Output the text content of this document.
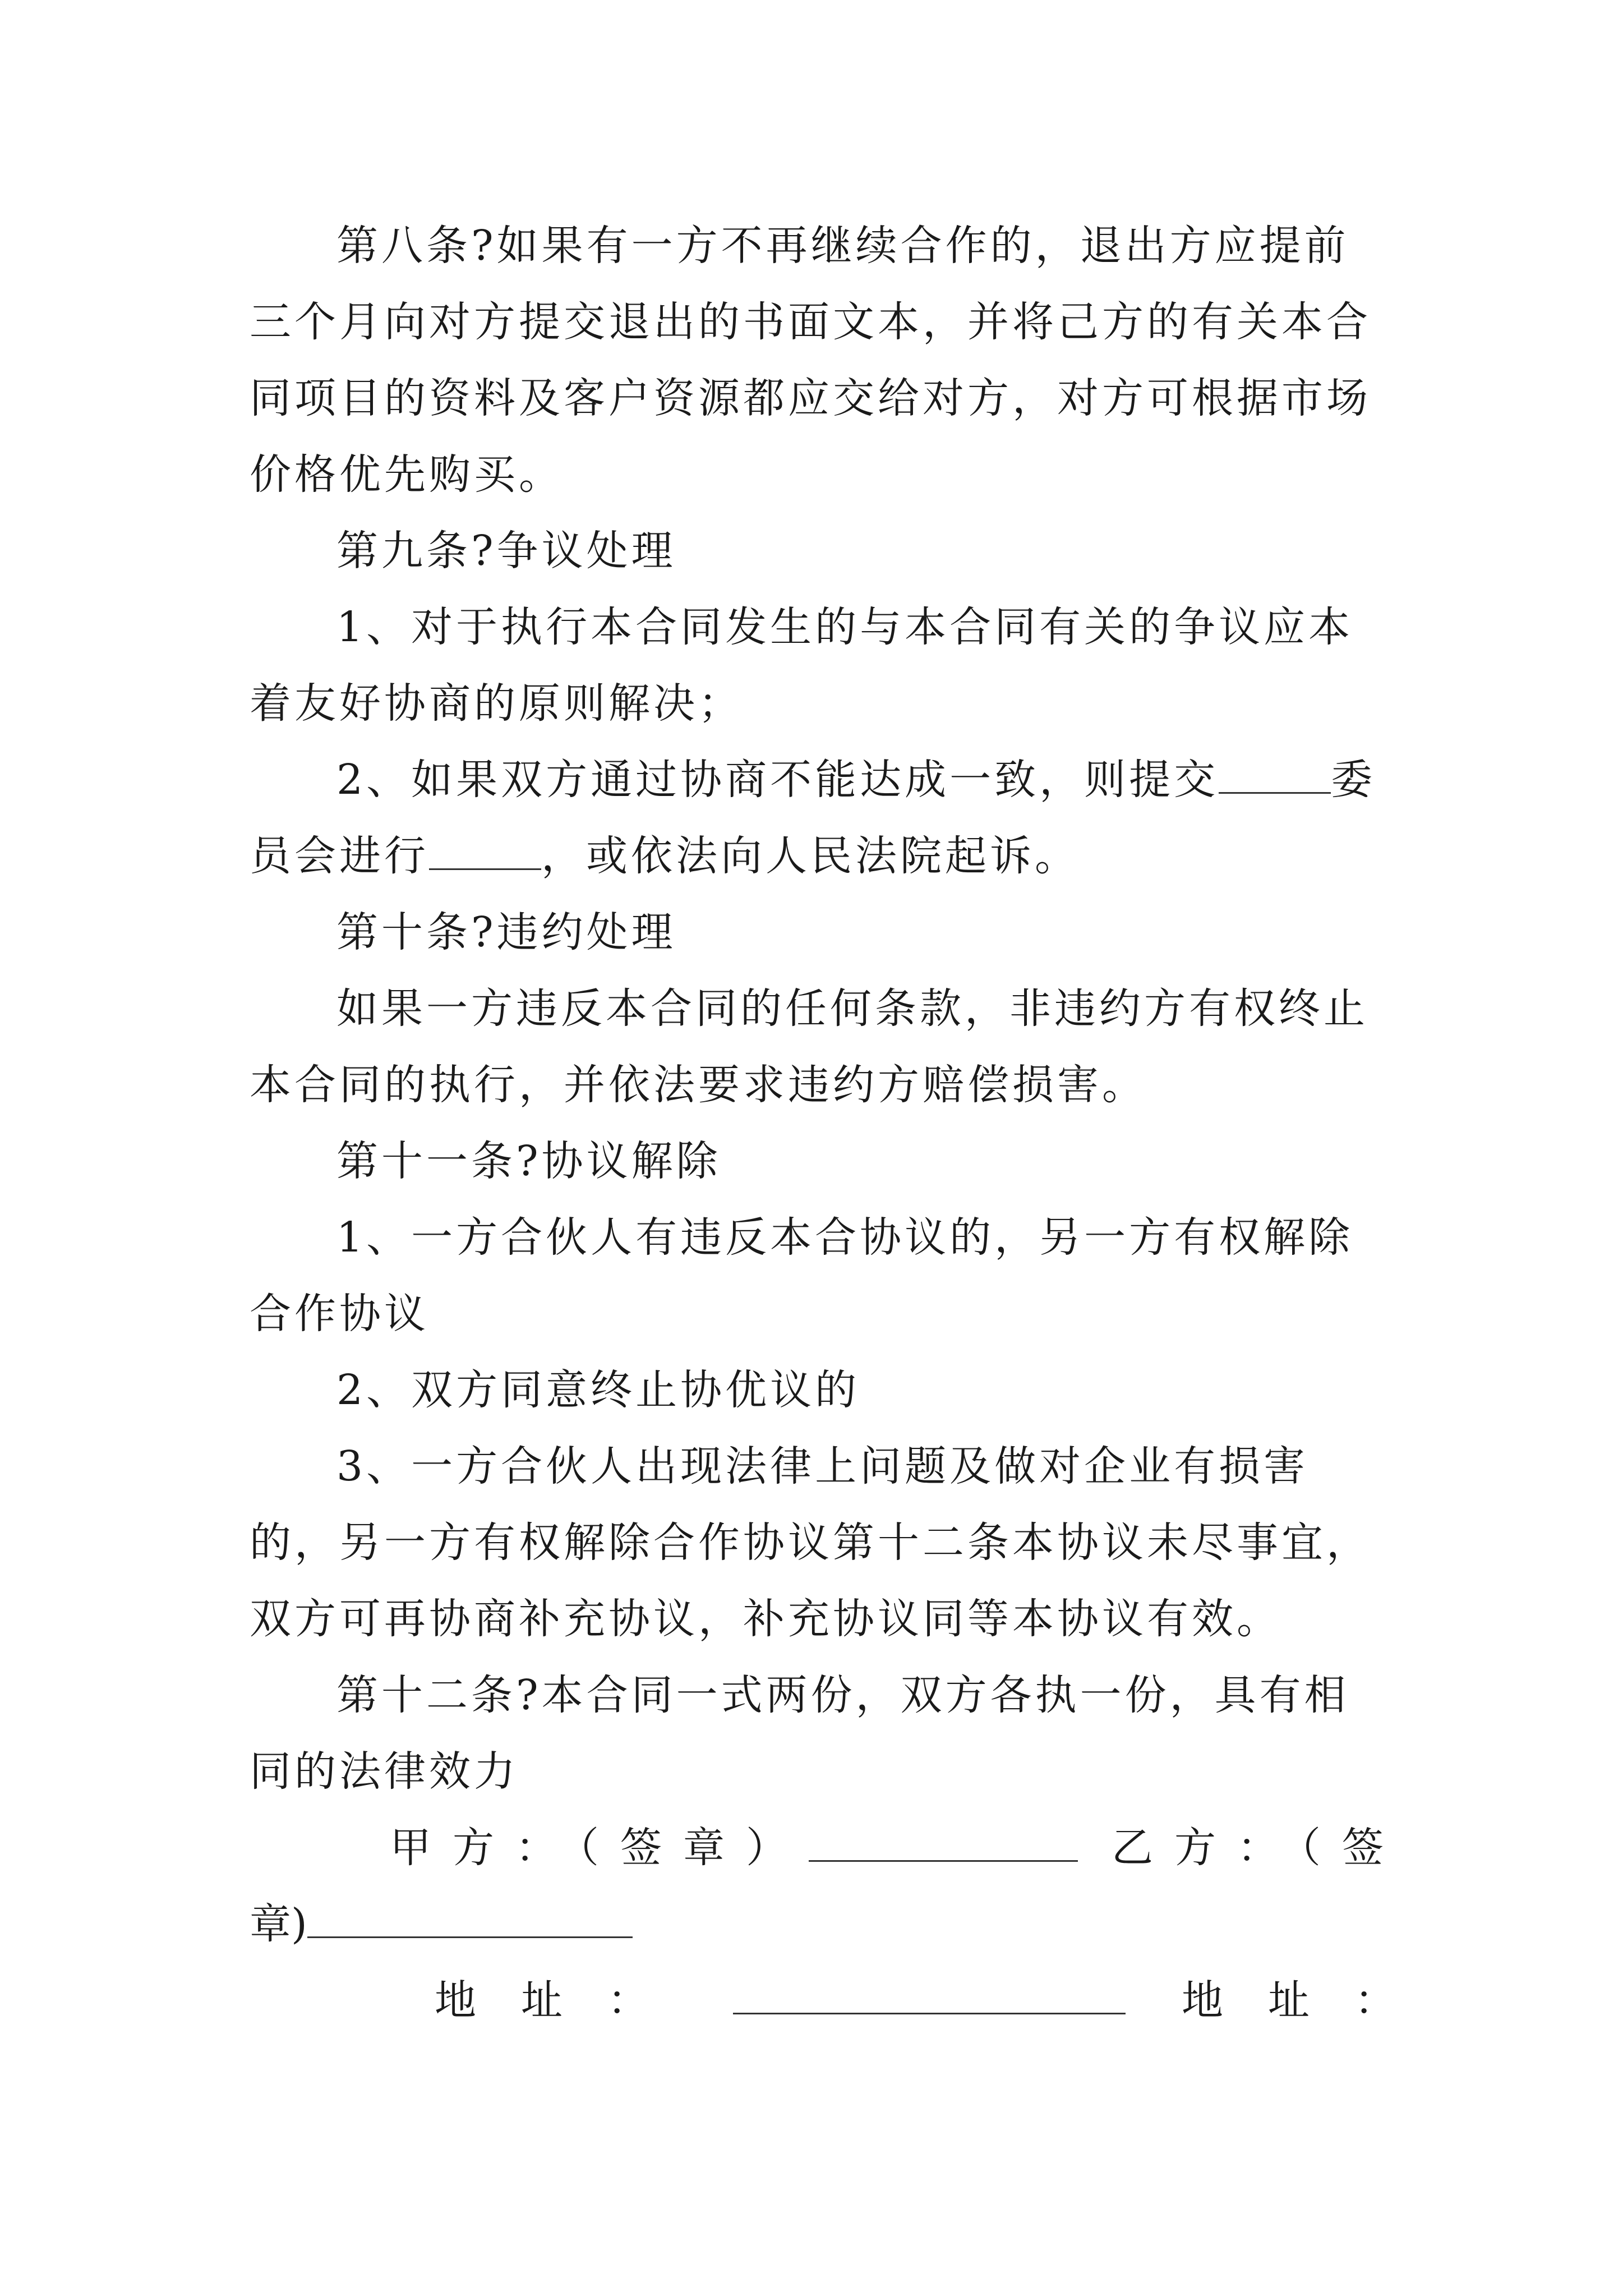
第八条?如果有一方不再继续合作的，退出方应提前三个月向对方提交退出的书面文本，并将己方的有关本合同项目的资料及客户资源都应交给对方，对方可根据市场价格优先购买。

第九条?争议处理

1、对于执行本合同发生的与本合同有关的争议应本着友好协商的原则解决；

2、如果双方通过协商不能达成一致，则提交	委员会进行	，或依法向人民法院起诉。

第十条?违约处理

如果一方违反本合同的任何条款，非违约方有权终止本合同的执行，并依法要求违约方赔偿损害。

第十一条?协议解除

1、一方合伙人有违反本合协议的，另一方有权解除合作协议

2、双方同意终止协优议的

3、一方合伙人出现法律上问题及做对企业有损害的，另一方有权解除合作协议第十二条本协议未尽事宜，双方可再协商补充协议，补充协议同等本协议有效。

第十二条?本合同一式两份，双方各执一份，具有相同的法律效力

甲方：（签章）	乙方：（签
章)
地址：	地址：
